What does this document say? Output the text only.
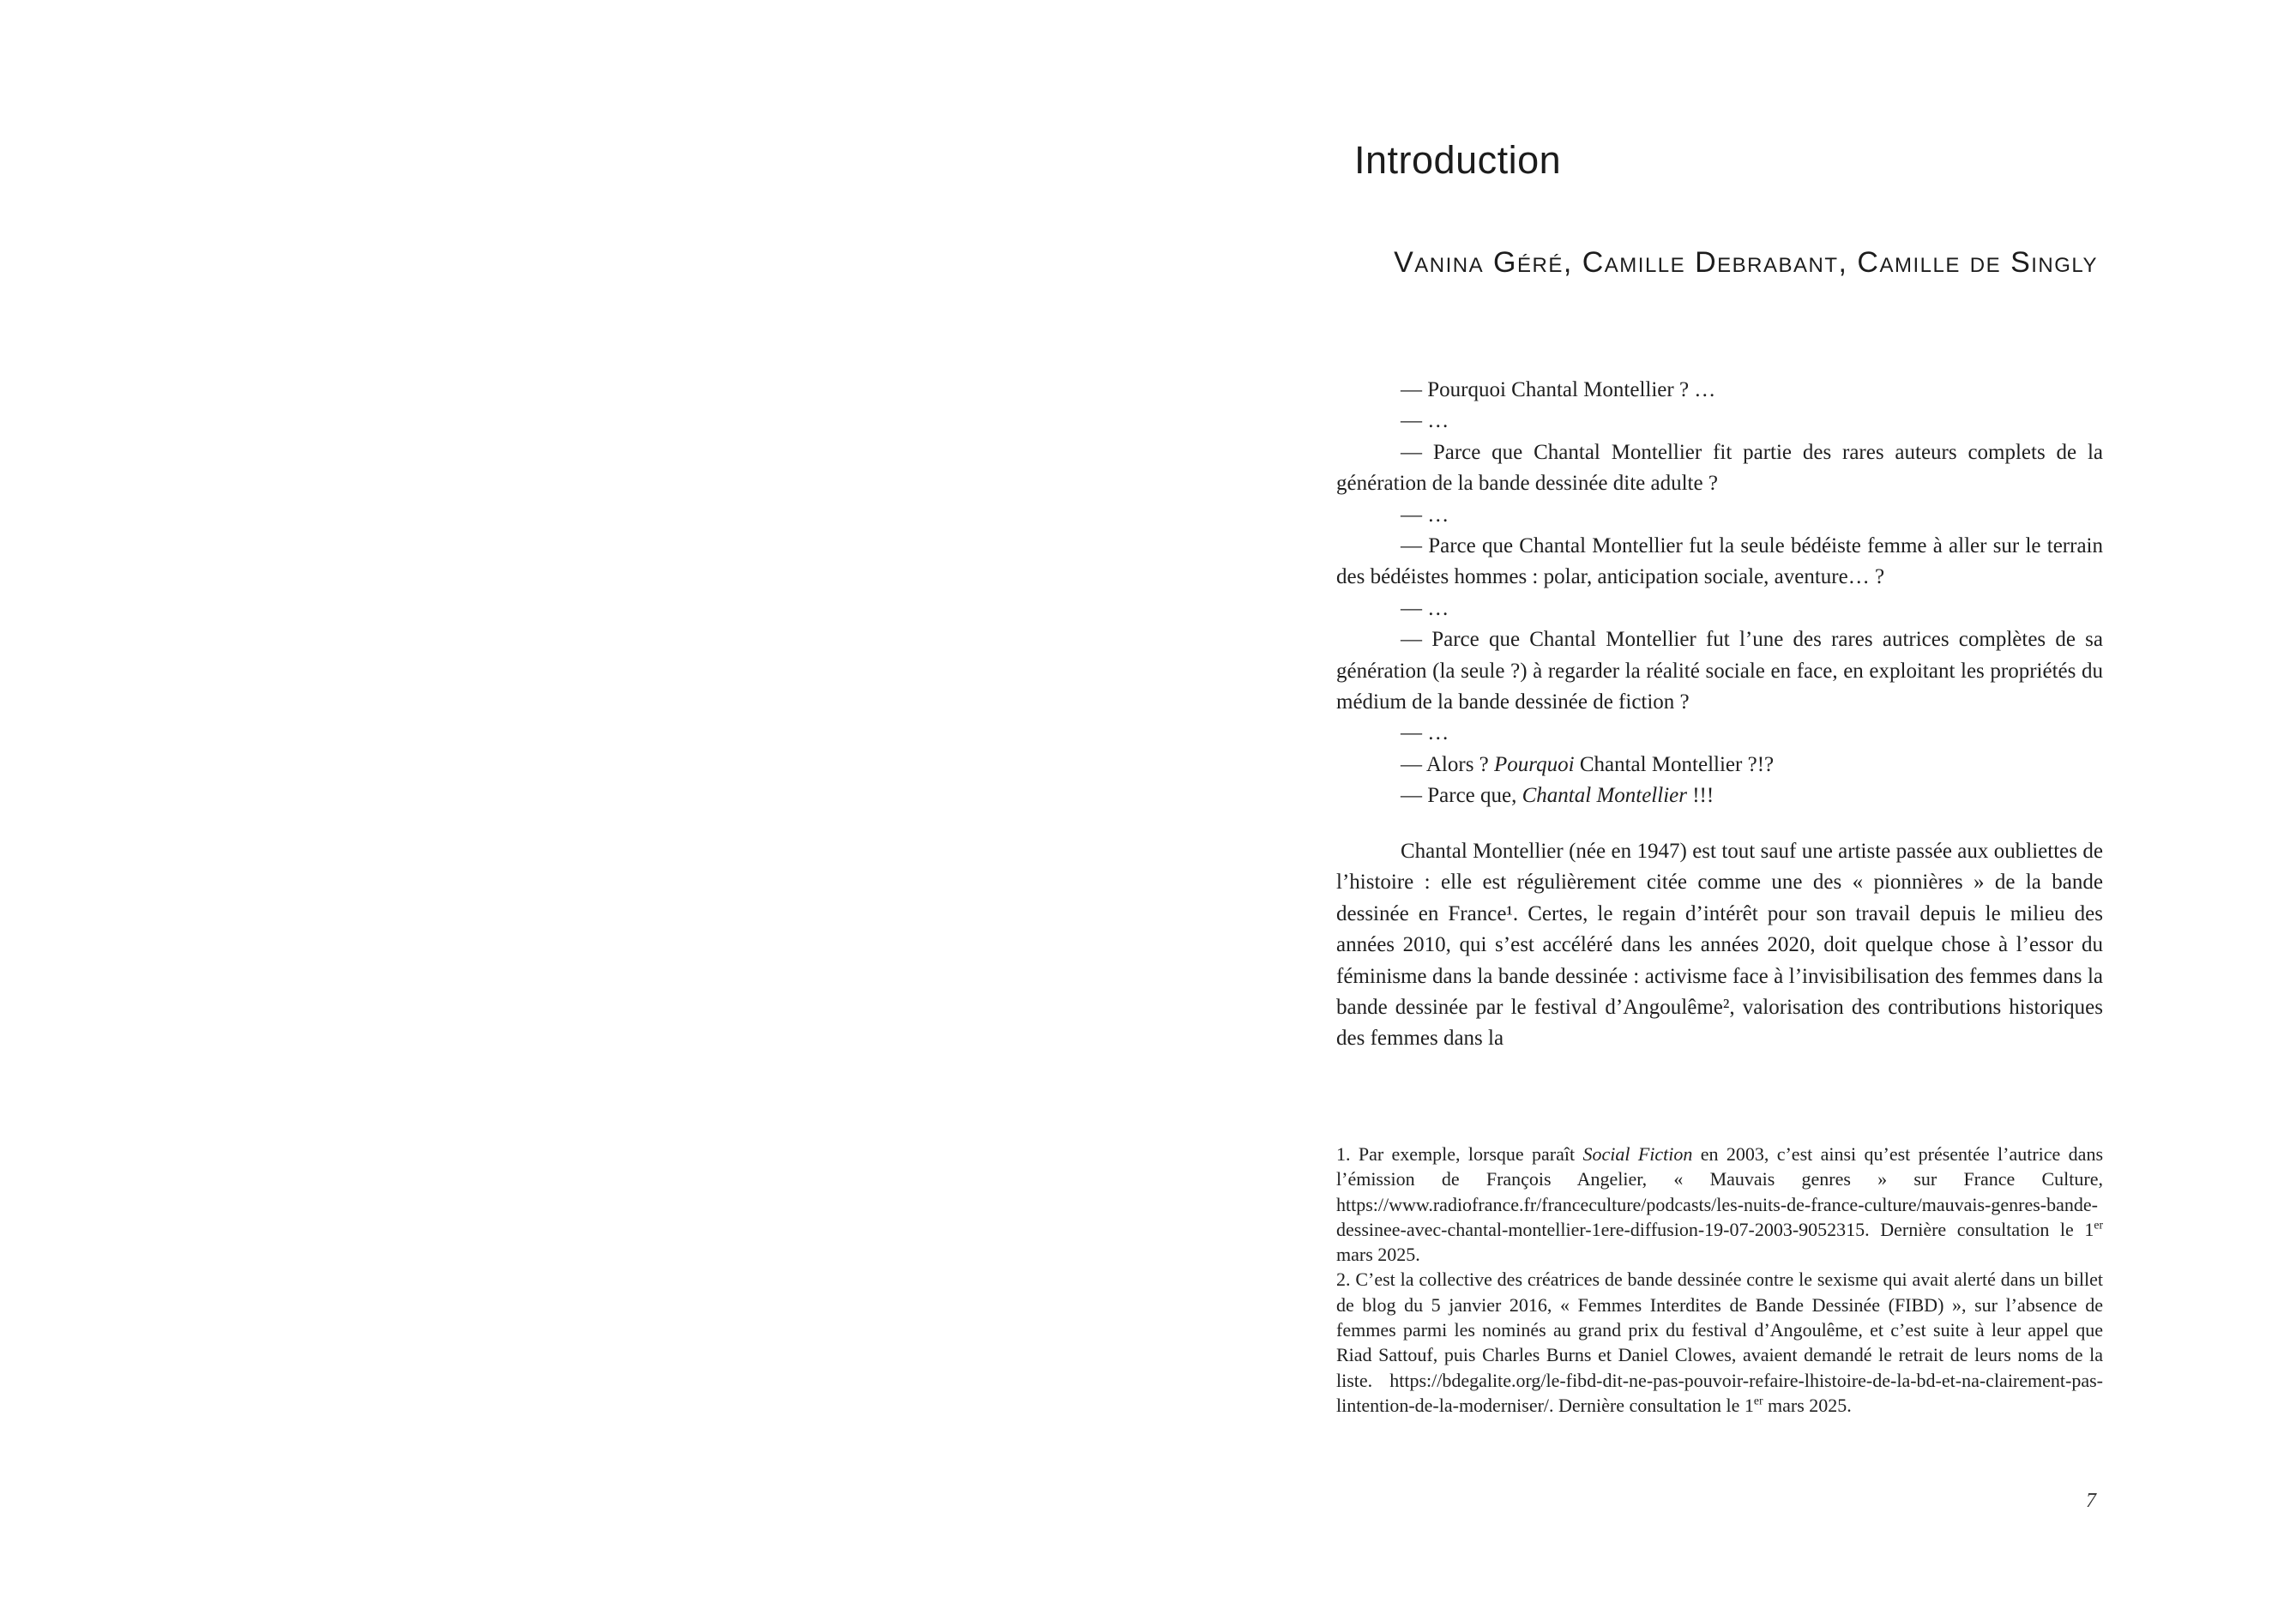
Introduction
Vanina Géré, Camille Debrabant, Camille de Singly
— Pourquoi Chantal Montellier ? …
— …
— Parce que Chantal Montellier fit partie des rares auteurs complets de la génération de la bande dessinée dite adulte ?
— …
— Parce que Chantal Montellier fut la seule bédéiste femme à aller sur le terrain des bédéistes hommes : polar, anticipation sociale, aventure… ?
— …
— Parce que Chantal Montellier fut l’une des rares autrices complètes de sa génération (la seule ?) à regarder la réalité sociale en face, en exploitant les propriétés du médium de la bande dessinée de fiction ?
— …
— Alors ? Pourquoi Chantal Montellier ?!?
— Parce que, Chantal Montellier !!!
Chantal Montellier (née en 1947) est tout sauf une artiste passée aux oubliettes de l’histoire : elle est régulièrement citée comme une des « pionnières » de la bande dessinée en France¹. Certes, le regain d’intérêt pour son travail depuis le milieu des années 2010, qui s’est accéléré dans les années 2020, doit quelque chose à l’essor du féminisme dans la bande dessinée : activisme face à l’invisibilisation des femmes dans la bande dessinée par le festival d’Angoulême², valorisation des contributions historiques des femmes dans la
1. Par exemple, lorsque paraît Social Fiction en 2003, c’est ainsi qu’est présentée l’autrice dans l’émission de François Angelier, « Mauvais genres » sur France Culture, https://www.radiofrance.fr/franceculture/podcasts/les-nuits-de-france-culture/mauvais-genres-bande-dessinee-avec-chantal-montellier-1ere-diffusion-19-07-2003-9052315. Dernière consultation le 1er mars 2025.
2. C’est la collective des créatrices de bande dessinée contre le sexisme qui avait alerté dans un billet de blog du 5 janvier 2016, « Femmes Interdites de Bande Dessinée (FIBD) », sur l’absence de femmes parmi les nominés au grand prix du festival d’Angoulême, et c’est suite à leur appel que Riad Sattouf, puis Charles Burns et Daniel Clowes, avaient demandé le retrait de leurs noms de la liste. https://bdegalite.org/le-fibd-dit-ne-pas-pouvoir-refaire-lhistoire-de-la-bd-et-na-clairement-pas-lintention-de-la-moderniser/. Dernière consultation le 1er mars 2025.
7
